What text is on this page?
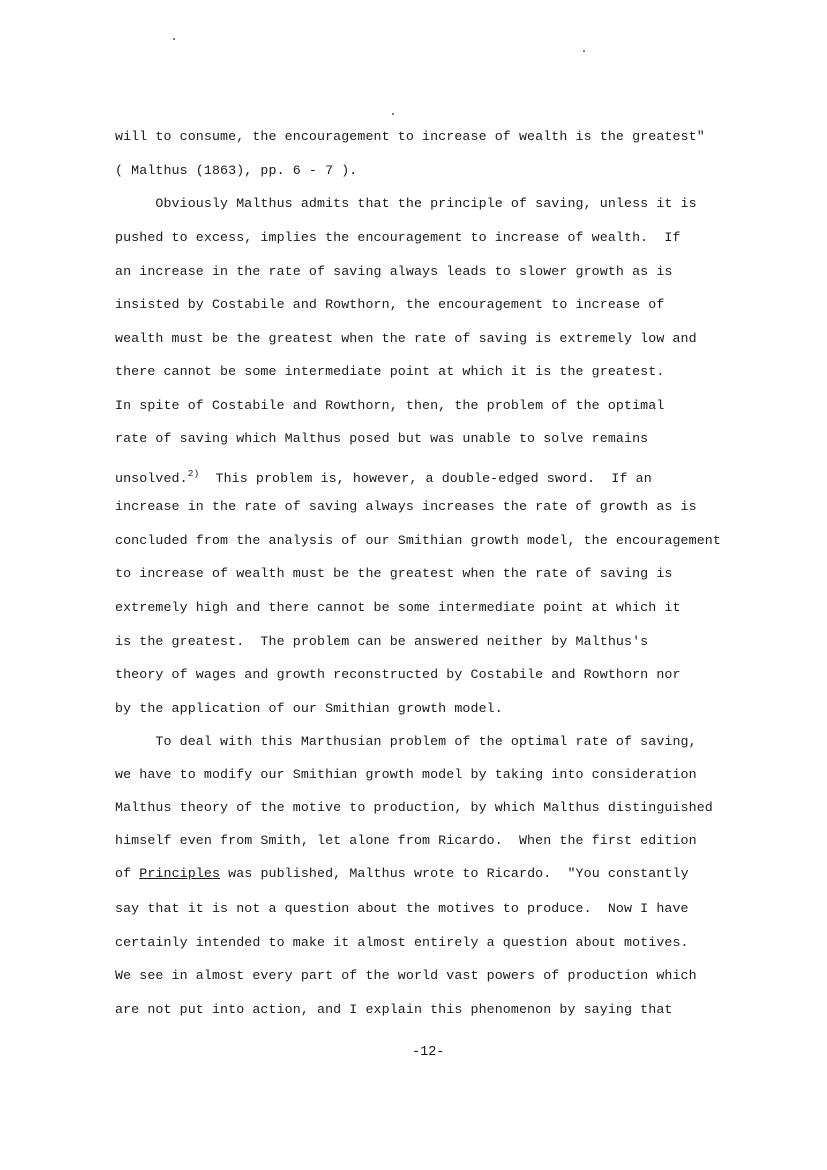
will to consume, the encouragement to increase of wealth is the greatest"
( Malthus (1863), pp. 6 - 7 ).
Obviously Malthus admits that the principle of saving, unless it is
pushed to excess, implies the encouragement to increase of wealth.  If
an increase in the rate of saving always leads to slower growth as is
insisted by Costabile and Rowthorn, the encouragement to increase of
wealth must be the greatest when the rate of saving is extremely low and
there cannot be some intermediate point at which it is the greatest.
In spite of Costabile and Rowthorn, then, the problem of the optimal
rate of saving which Malthus posed but was unable to solve remains
unsolved.$^{2)}$  This problem is, however, a double-edged sword.  If an
increase in the rate of saving always increases the rate of growth as is
concluded from the analysis of our Smithian growth model, the encouragement
to increase of wealth must be the greatest when the rate of saving is
extremely high and there cannot be some intermediate point at which it
is the greatest.  The problem can be answered neither by Malthus's
theory of wages and growth reconstructed by Costabile and Rowthorn nor
by the application of our Smithian growth model.
To deal with this Marthusian problem of the optimal rate of saving,
we have to modify our Smithian growth model by taking into consideration
Malthus theory of the motive to production, by which Malthus distinguished
himself even from Smith, let alone from Ricardo.  When the first edition
of Principles was published, Malthus wrote to Ricardo.  "You constantly
say that it is not a question about the motives to produce.  Now I have
certainly intended to make it almost entirely a question about motives.
We see in almost every part of the world vast powers of production which
are not put into action, and I explain this phenomenon by saying that
-12-
